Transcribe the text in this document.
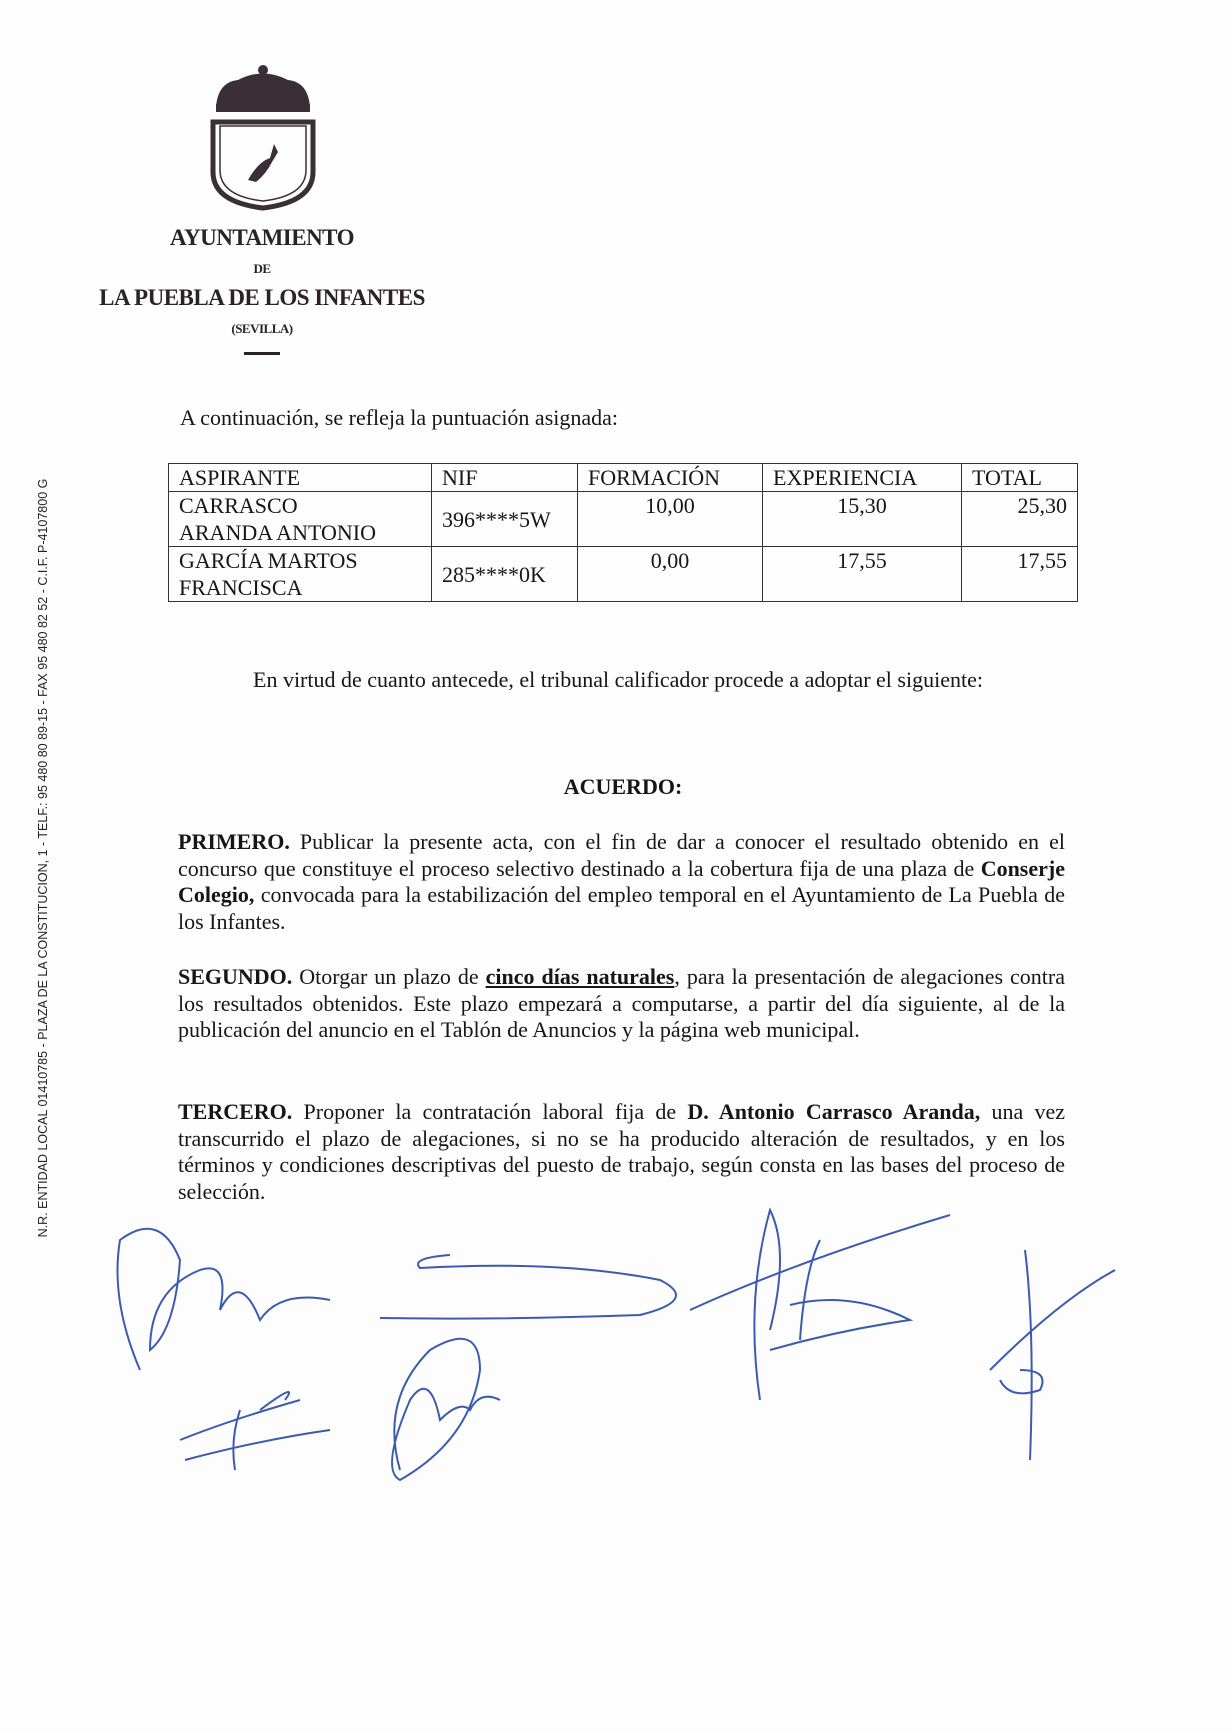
N.R. ENTIDAD LOCAL 01410785 - PLAZA DE LA CONSTITUCION, 1 - TELF.: 95 480 80 89-15 - FAX 95 480 82 52 - C.I.F. P-4107800 G
AYUNTAMIENTO
DE
LA PUEBLA DE LOS INFANTES
(SEVILLA)
A continuación, se refleja la puntuación asignada:
ASPIRANTE	NIF	FORMACIÓN	EXPERIENCIA	TOTAL
CARRASCO
ARANDA ANTONIO	396****5W	10,00	15,30	25,30
GARCÍA MARTOS
FRANCISCA	285****0K	0,00	17,55	17,55
En virtud de cuanto antecede, el tribunal calificador procede a adoptar el siguiente:
ACUERDO:
PRIMERO. Publicar la presente acta, con el fin de dar a conocer el resultado obtenido en el concurso que constituye el proceso selectivo destinado a la cobertura fija de una plaza de Conserje Colegio, convocada para la estabilización del empleo temporal en el Ayuntamiento de La Puebla de los Infantes.
SEGUNDO. Otorgar un plazo de cinco días naturales, para la presentación de alegaciones contra los resultados obtenidos. Este plazo empezará a computarse, a partir del día siguiente, al de la publicación del anuncio en el Tablón de Anuncios y la página web municipal.
TERCERO. Proponer la contratación laboral fija de D. Antonio Carrasco Aranda, una vez transcurrido el plazo de alegaciones, si no se ha producido alteración de resultados, y en los términos y condiciones descriptivas del puesto de trabajo, según consta en las bases del proceso de selección.
